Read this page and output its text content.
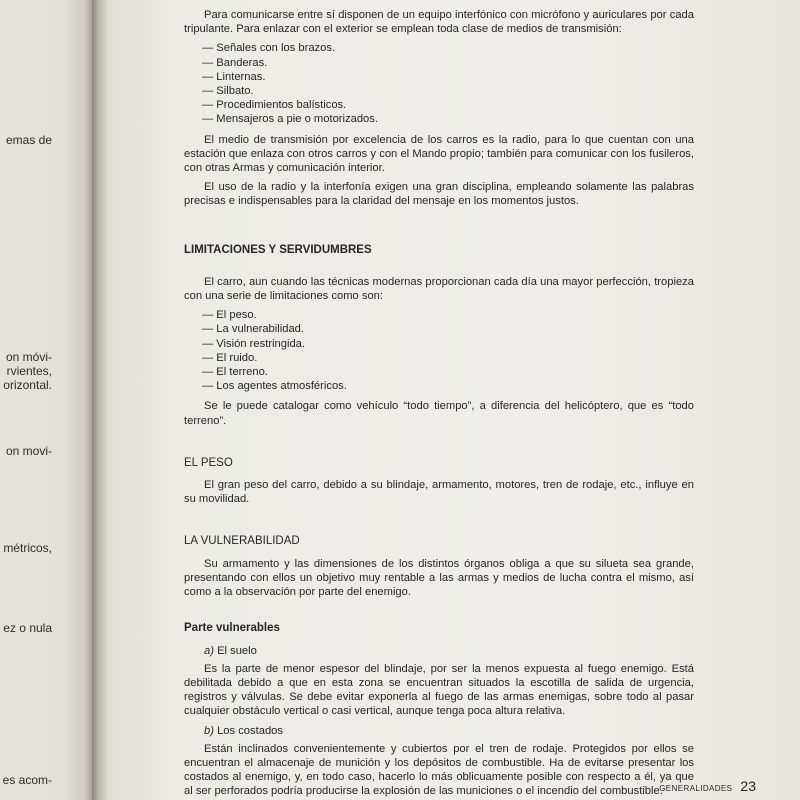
emas de
on móvi-
rvientes,
orizontal.
on movi-
métricos,
ez o nula
es acom-

Para comunicarse entre sí disponen de un equipo interfónico con micrófono y auriculares por cada tripulante. Para enlazar con el exterior se emplean toda clase de medios de transmisión:

— Señales con los brazos.
— Banderas.
— Linternas.
— Silbato.
— Procedimientos balísticos.
— Mensajeros a pie o motorizados.

El medio de transmisión por excelencia de los carros es la radio, para lo que cuentan con una estación que enlaza con otros carros y con el Mando propio; también para comunicar con los fusileros, con otras Armas y comunicación interior.

El uso de la radio y la interfonía exigen una gran disciplina, empleando solamente las palabras precisas e indispensables para la claridad del mensaje en los momentos justos.

LIMITACIONES Y SERVIDUMBRES

El carro, aun cuando las técnicas modernas proporcionan cada día una mayor perfección, tropieza con una serie de limitaciones como son:

— El peso.
— La vulnerabilidad.
— Visión restringida.
— El ruido.
— El terreno.
— Los agentes atmosféricos.

Se le puede catalogar como vehículo “todo tiempo”, a diferencia del helicóptero, que es “todo terreno”.

EL PESO

El gran peso del carro, debido a su blindaje, armamento, motores, tren de rodaje, etc., influye en su movilidad.

LA VULNERABILIDAD

Su armamento y las dimensiones de los distintos órganos obliga a que su silueta sea grande, presentando con ellos un objetivo muy rentable a las armas y medios de lucha contra el mismo, así como a la observación por parte del enemigo.

Parte vulnerables
a) El suelo

Es la parte de menor espesor del blindaje, por ser la menos expuesta al fuego enemigo. Está debilitada debido a que en esta zona se encuentran situados la escotilla de salida de urgencia, registros y válvulas. Se debe evitar exponerla al fuego de las armas enemigas, sobre todo al pasar cualquier obstáculo vertical o casi vertical, aunque tenga poca altura relativa.

b) Los costados

Están inclinados convenientemente y cubiertos por el tren de rodaje. Protegidos por ellos se encuentran el almacenaje de munición y los depósitos de combustible. Ha de evitarse presentar los costados al enemigo, y, en todo caso, hacerlo lo más oblicuamente posible con respecto a él, ya que al ser perforados podría producirse la explosión de las municiones o el incendio del combustible.

GENERALIDADES 23
